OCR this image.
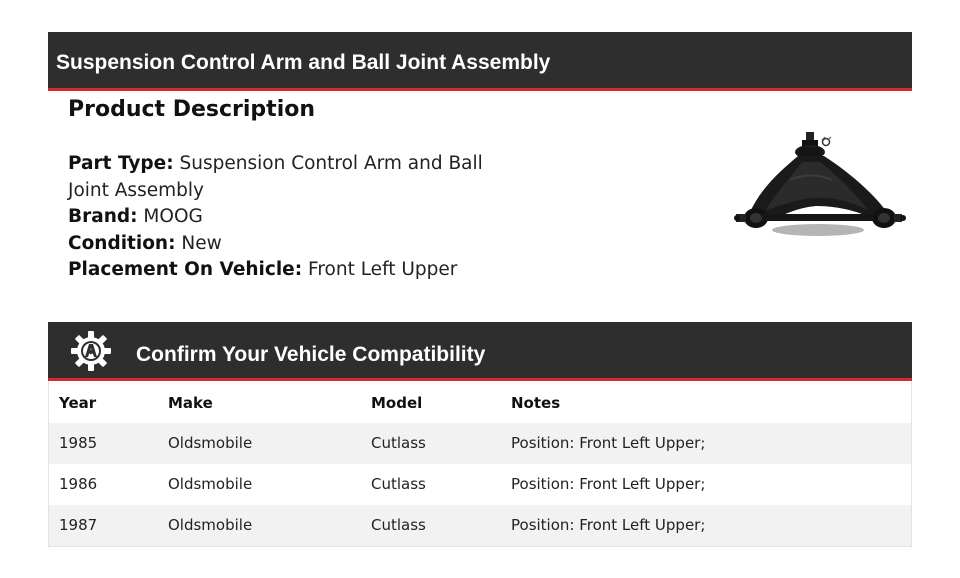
Suspension Control Arm and Ball Joint Assembly
Product Description
Part Type: Suspension Control Arm and Ball Joint Assembly
Brand: MOOG
Condition: New
Placement On Vehicle: Front Left Upper
Confirm Your Vehicle Compatibility
Year	Make	Model	Notes
1985	Oldsmobile	Cutlass	Position: Front Left Upper;
1986	Oldsmobile	Cutlass	Position: Front Left Upper;
1987	Oldsmobile	Cutlass	Position: Front Left Upper;
